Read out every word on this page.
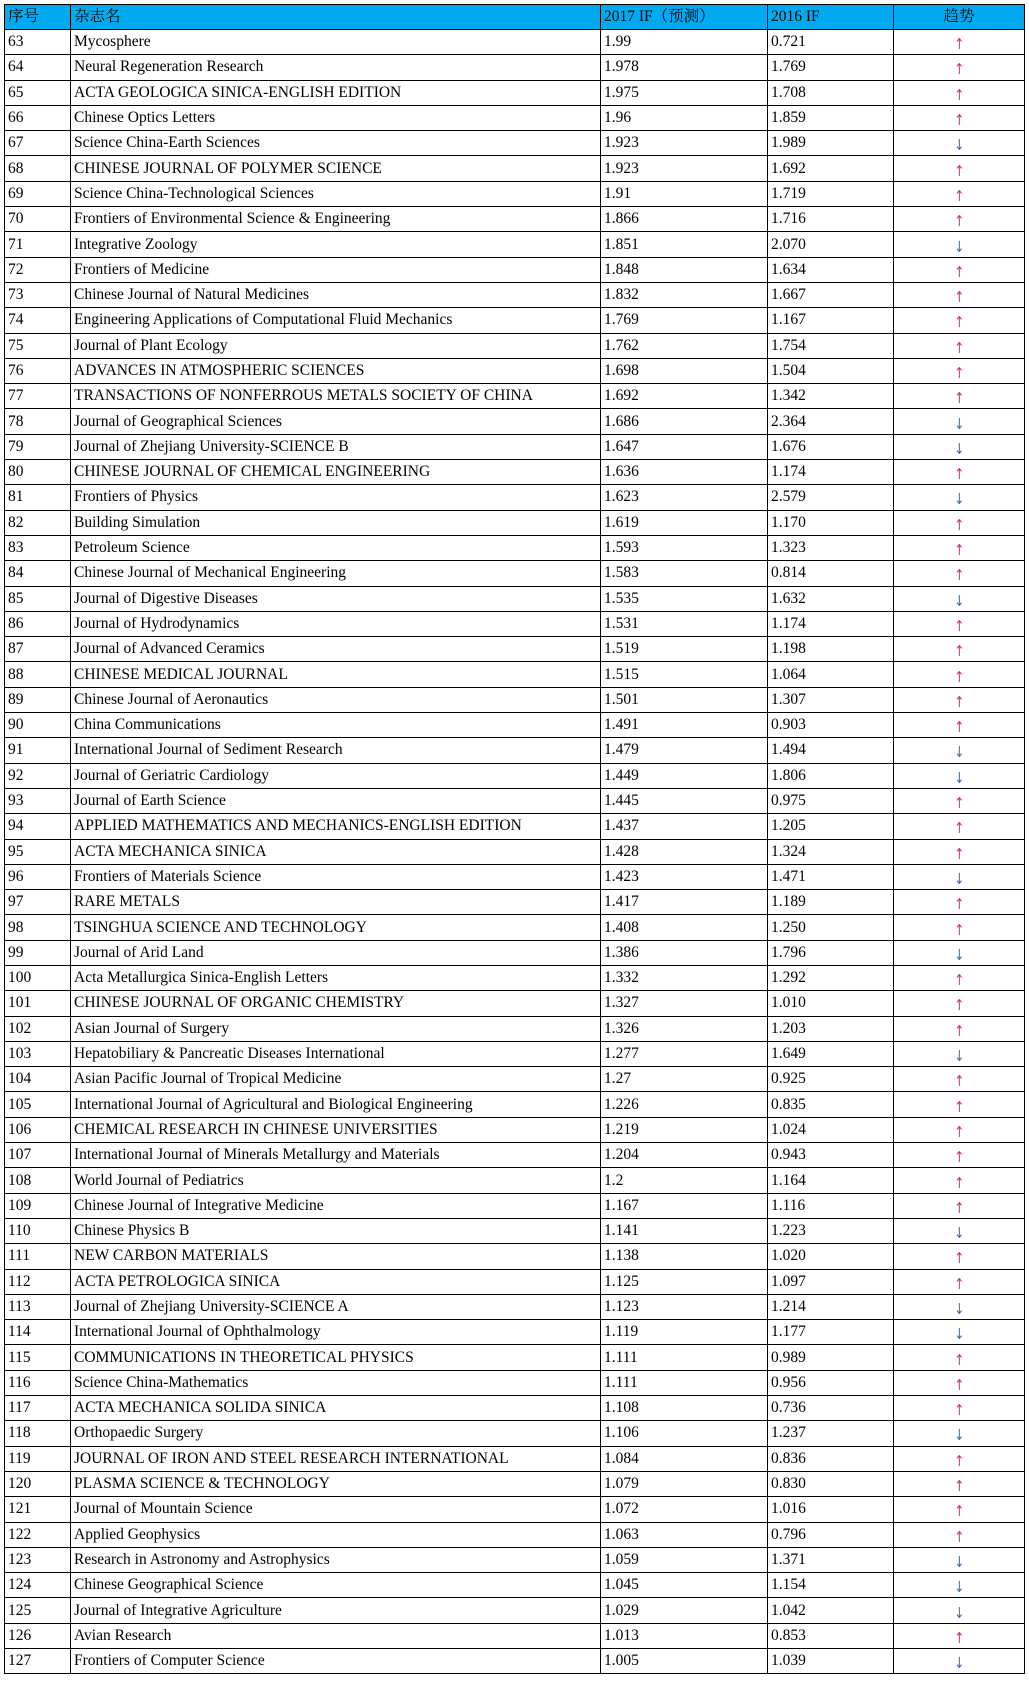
序号	杂志名	2017 IF（预测）	2016 IF	趋势
63	Mycosphere	1.99	0.721	↑
64	Neural Regeneration Research	1.978	1.769	↑
65	ACTA GEOLOGICA SINICA-ENGLISH EDITION	1.975	1.708	↑
66	Chinese Optics Letters	1.96	1.859	↑
67	Science China-Earth Sciences	1.923	1.989	↓
68	CHINESE JOURNAL OF POLYMER SCIENCE	1.923	1.692	↑
69	Science China-Technological Sciences	1.91	1.719	↑
70	Frontiers of Environmental Science & Engineering	1.866	1.716	↑
71	Integrative Zoology	1.851	2.070	↓
72	Frontiers of Medicine	1.848	1.634	↑
73	Chinese Journal of Natural Medicines	1.832	1.667	↑
74	Engineering Applications of Computational Fluid Mechanics	1.769	1.167	↑
75	Journal of Plant Ecology	1.762	1.754	↑
76	ADVANCES IN ATMOSPHERIC SCIENCES	1.698	1.504	↑
77	TRANSACTIONS OF NONFERROUS METALS SOCIETY OF CHINA	1.692	1.342	↑
78	Journal of Geographical Sciences	1.686	2.364	↓
79	Journal of Zhejiang University-SCIENCE B	1.647	1.676	↓
80	CHINESE JOURNAL OF CHEMICAL ENGINEERING	1.636	1.174	↑
81	Frontiers of Physics	1.623	2.579	↓
82	Building Simulation	1.619	1.170	↑
83	Petroleum Science	1.593	1.323	↑
84	Chinese Journal of Mechanical Engineering	1.583	0.814	↑
85	Journal of Digestive Diseases	1.535	1.632	↓
86	Journal of Hydrodynamics	1.531	1.174	↑
87	Journal of Advanced Ceramics	1.519	1.198	↑
88	CHINESE MEDICAL JOURNAL	1.515	1.064	↑
89	Chinese Journal of Aeronautics	1.501	1.307	↑
90	China Communications	1.491	0.903	↑
91	International Journal of Sediment Research	1.479	1.494	↓
92	Journal of Geriatric Cardiology	1.449	1.806	↓
93	Journal of Earth Science	1.445	0.975	↑
94	APPLIED MATHEMATICS AND MECHANICS-ENGLISH EDITION	1.437	1.205	↑
95	ACTA MECHANICA SINICA	1.428	1.324	↑
96	Frontiers of Materials Science	1.423	1.471	↓
97	RARE METALS	1.417	1.189	↑
98	TSINGHUA SCIENCE AND TECHNOLOGY	1.408	1.250	↑
99	Journal of Arid Land	1.386	1.796	↓
100	Acta Metallurgica Sinica-English Letters	1.332	1.292	↑
101	CHINESE JOURNAL OF ORGANIC CHEMISTRY	1.327	1.010	↑
102	Asian Journal of Surgery	1.326	1.203	↑
103	Hepatobiliary & Pancreatic Diseases International	1.277	1.649	↓
104	Asian Pacific Journal of Tropical Medicine	1.27	0.925	↑
105	International Journal of Agricultural and Biological Engineering	1.226	0.835	↑
106	CHEMICAL RESEARCH IN CHINESE UNIVERSITIES	1.219	1.024	↑
107	International Journal of Minerals Metallurgy and Materials	1.204	0.943	↑
108	World Journal of Pediatrics	1.2	1.164	↑
109	Chinese Journal of Integrative Medicine	1.167	1.116	↑
110	Chinese Physics B	1.141	1.223	↓
111	NEW CARBON MATERIALS	1.138	1.020	↑
112	ACTA PETROLOGICA SINICA	1.125	1.097	↑
113	Journal of Zhejiang University-SCIENCE A	1.123	1.214	↓
114	International Journal of Ophthalmology	1.119	1.177	↓
115	COMMUNICATIONS IN THEORETICAL PHYSICS	1.111	0.989	↑
116	Science China-Mathematics	1.111	0.956	↑
117	ACTA MECHANICA SOLIDA SINICA	1.108	0.736	↑
118	Orthopaedic Surgery	1.106	1.237	↓
119	JOURNAL OF IRON AND STEEL RESEARCH INTERNATIONAL	1.084	0.836	↑
120	PLASMA SCIENCE & TECHNOLOGY	1.079	0.830	↑
121	Journal of Mountain Science	1.072	1.016	↑
122	Applied Geophysics	1.063	0.796	↑
123	Research in Astronomy and Astrophysics	1.059	1.371	↓
124	Chinese Geographical Science	1.045	1.154	↓
125	Journal of Integrative Agriculture	1.029	1.042	↓
126	Avian Research	1.013	0.853	↑
127	Frontiers of Computer Science	1.005	1.039	↓
